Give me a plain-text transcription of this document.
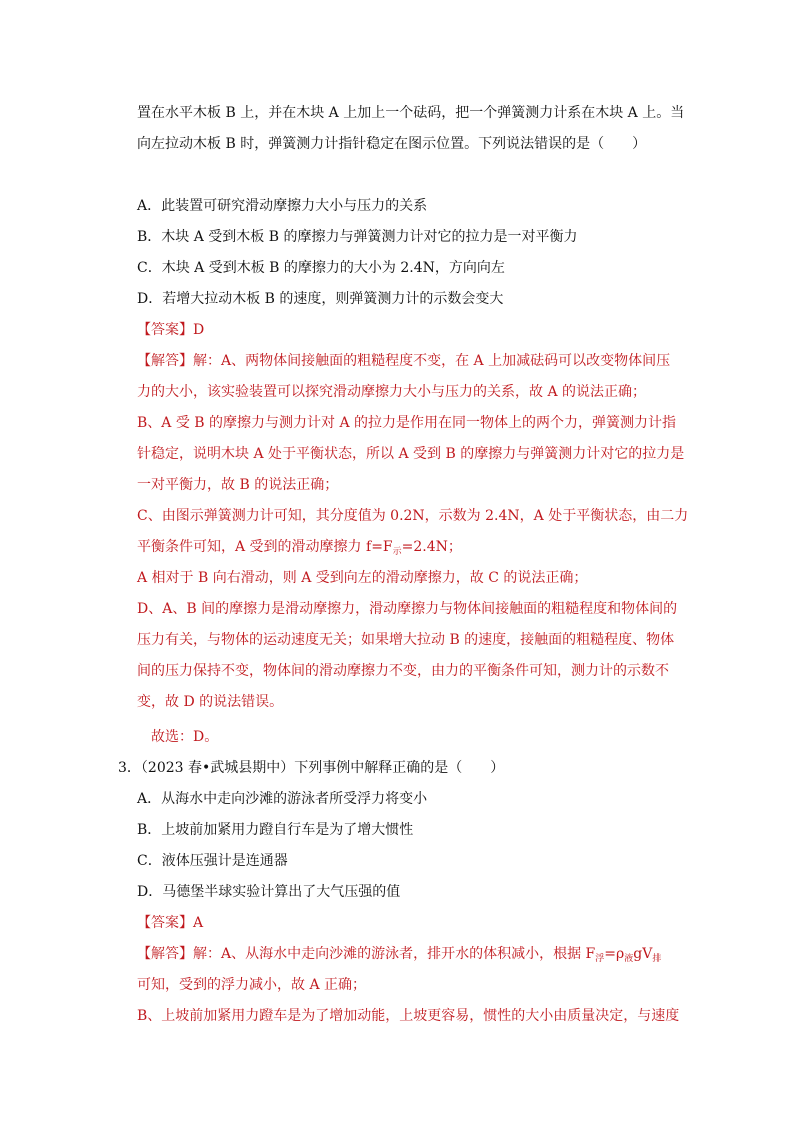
置在水平木板 B 上，并在木块 A 上加上一个砝码，把一个弹簧测力计系在木块 A 上。当
向左拉动木板 B 时，弹簧测力计指针稳定在图示位置。下列说法错误的是（　　）
A．此装置可研究滑动摩擦力大小与压力的关系
B．木块 A 受到木板 B 的摩擦力与弹簧测力计对它的拉力是一对平衡力
C．木块 A 受到木板 B 的摩擦力的大小为 2.4N，方向向左
D．若增大拉动木板 B 的速度，则弹簧测力计的示数会变大
【答案】D
【解答】解：A、两物体间接触面的粗糙程度不变，在 A 上加减砝码可以改变物体间压
力的大小，该实验装置可以探究滑动摩擦力大小与压力的关系，故 A 的说法正确；
B、A 受 B 的摩擦力与测力计对 A 的拉力是作用在同一物体上的两个力，弹簧测力计指
针稳定，说明木块 A 处于平衡状态，所以 A 受到 B 的摩擦力与弹簧测力计对它的拉力是
一对平衡力，故 B 的说法正确；
C、由图示弹簧测力计可知，其分度值为 0.2N，示数为 2.4N，A 处于平衡状态，由二力
平衡条件可知，A 受到的滑动摩擦力 $f=F_示=2.4N$；
A 相对于 B 向右滑动，则 A 受到向左的滑动摩擦力，故 C 的说法正确；
D、A、B 间的摩擦力是滑动摩擦力，滑动摩擦力与物体间接触面的粗糙程度和物体间的
压力有关，与物体的运动速度无关；如果增大拉动 B 的速度，接触面的粗糙程度、物体
间的压力保持不变，物体间的滑动摩擦力不变，由力的平衡条件可知，测力计的示数不
变，故 D 的说法错误。
故选：D。
3．（2023 春•武城县期中）下列事例中解释正确的是（　　）
A．从海水中走向沙滩的游泳者所受浮力将变小
B．上坡前加紧用力蹬自行车是为了增大惯性
C．液体压强计是连通器
D．马德堡半球实验计算出了大气压强的值
【答案】A
【解答】解：A、从海水中走向沙滩的游泳者，排开水的体积减小，根据 $F_浮=\rho_液gV_排$
可知，受到的浮力减小，故 A 正确；
B、上坡前加紧用力蹬车是为了增加动能，上坡更容易，惯性的大小由质量决定，与速度
